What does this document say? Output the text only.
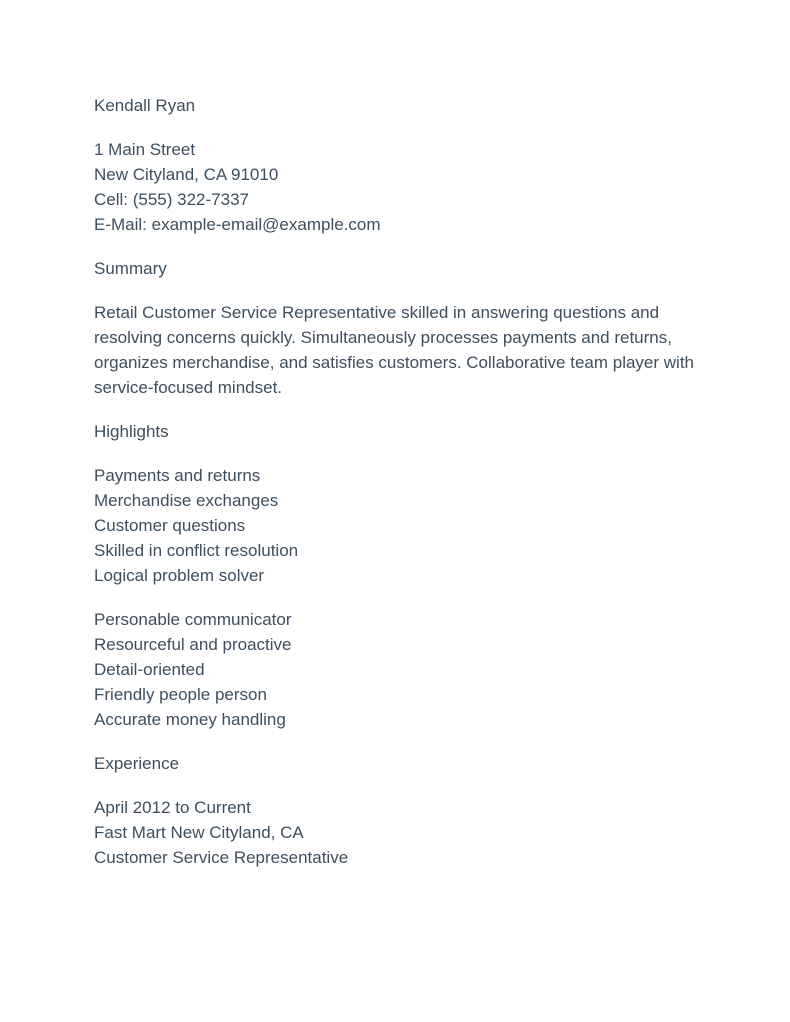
Kendall Ryan

1 Main Street

New Cityland, CA 91010

Cell: (555) 322-7337

E-Mail: example-email@example.com

Summary

Retail Customer Service Representative skilled in answering questions and resolving concerns quickly. Simultaneously processes payments and returns, organizes merchandise, and satisfies customers. Collaborative team player with service-focused mindset.

Highlights

Payments and returns
Merchandise exchanges
Customer questions
Skilled in conflict resolution
Logical problem solver
Personable communicator
Resourceful and proactive
Detail-oriented
Friendly people person
Accurate money handling

Experience

April 2012 to Current

Fast Mart New Cityland, CA

Customer Service Representative
